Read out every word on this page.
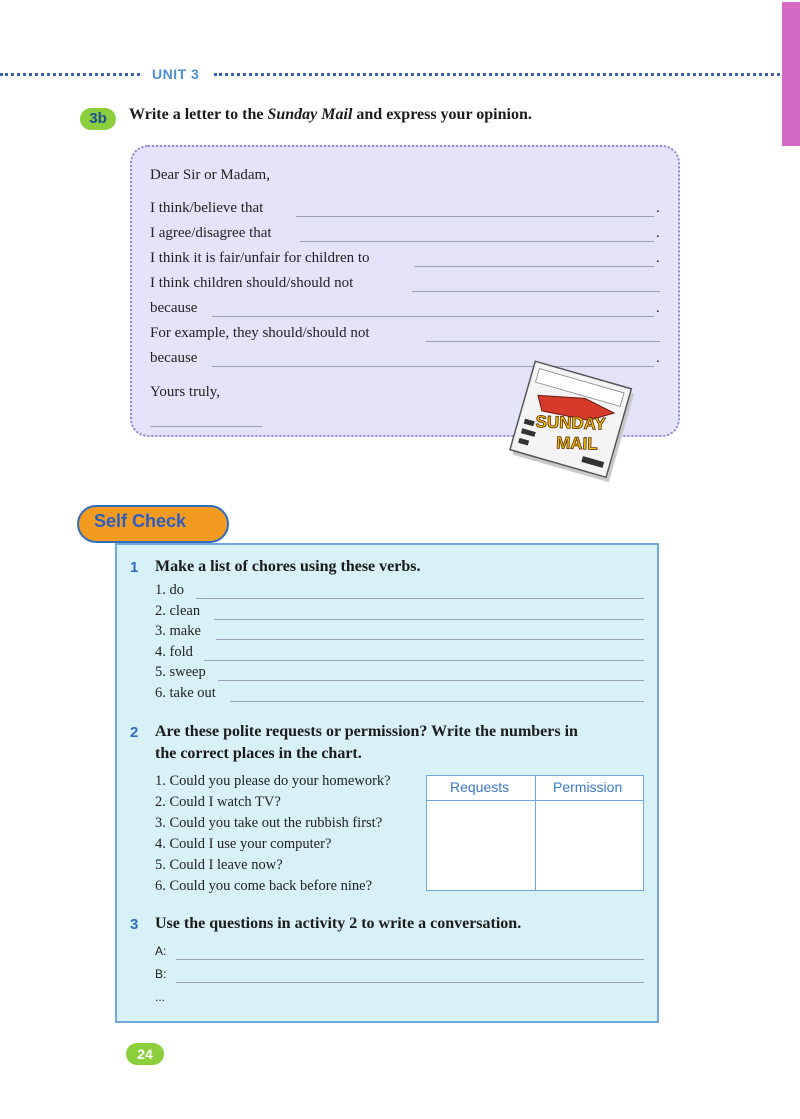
UNIT 3
3b	Write a letter to the Sunday Mail and express your opinion.
Dear Sir or Madam,
I think/believe that	.
I agree/disagree that	.
I think it is fair/unfair for children to	.
I think children should/should not
because	.
For example, they should/should not
because	.
Yours truly,
SUNDAY
MAIL
Self Check
1 Make a list of chores using these verbs.
1. do
2. clean
3. make
4. fold
5. sweep
6. take out
2 Are these polite requests or permission? Write the numbers in
the correct places in the chart.
1. Could you please do your homework?
2. Could I watch TV?
3. Could you take out the rubbish first?
4. Could I use your computer?
5. Could I leave now?
6. Could you come back before nine?
Requests	Permission
3 Use the questions in activity 2 to write a conversation.
A:
B:
...
24
